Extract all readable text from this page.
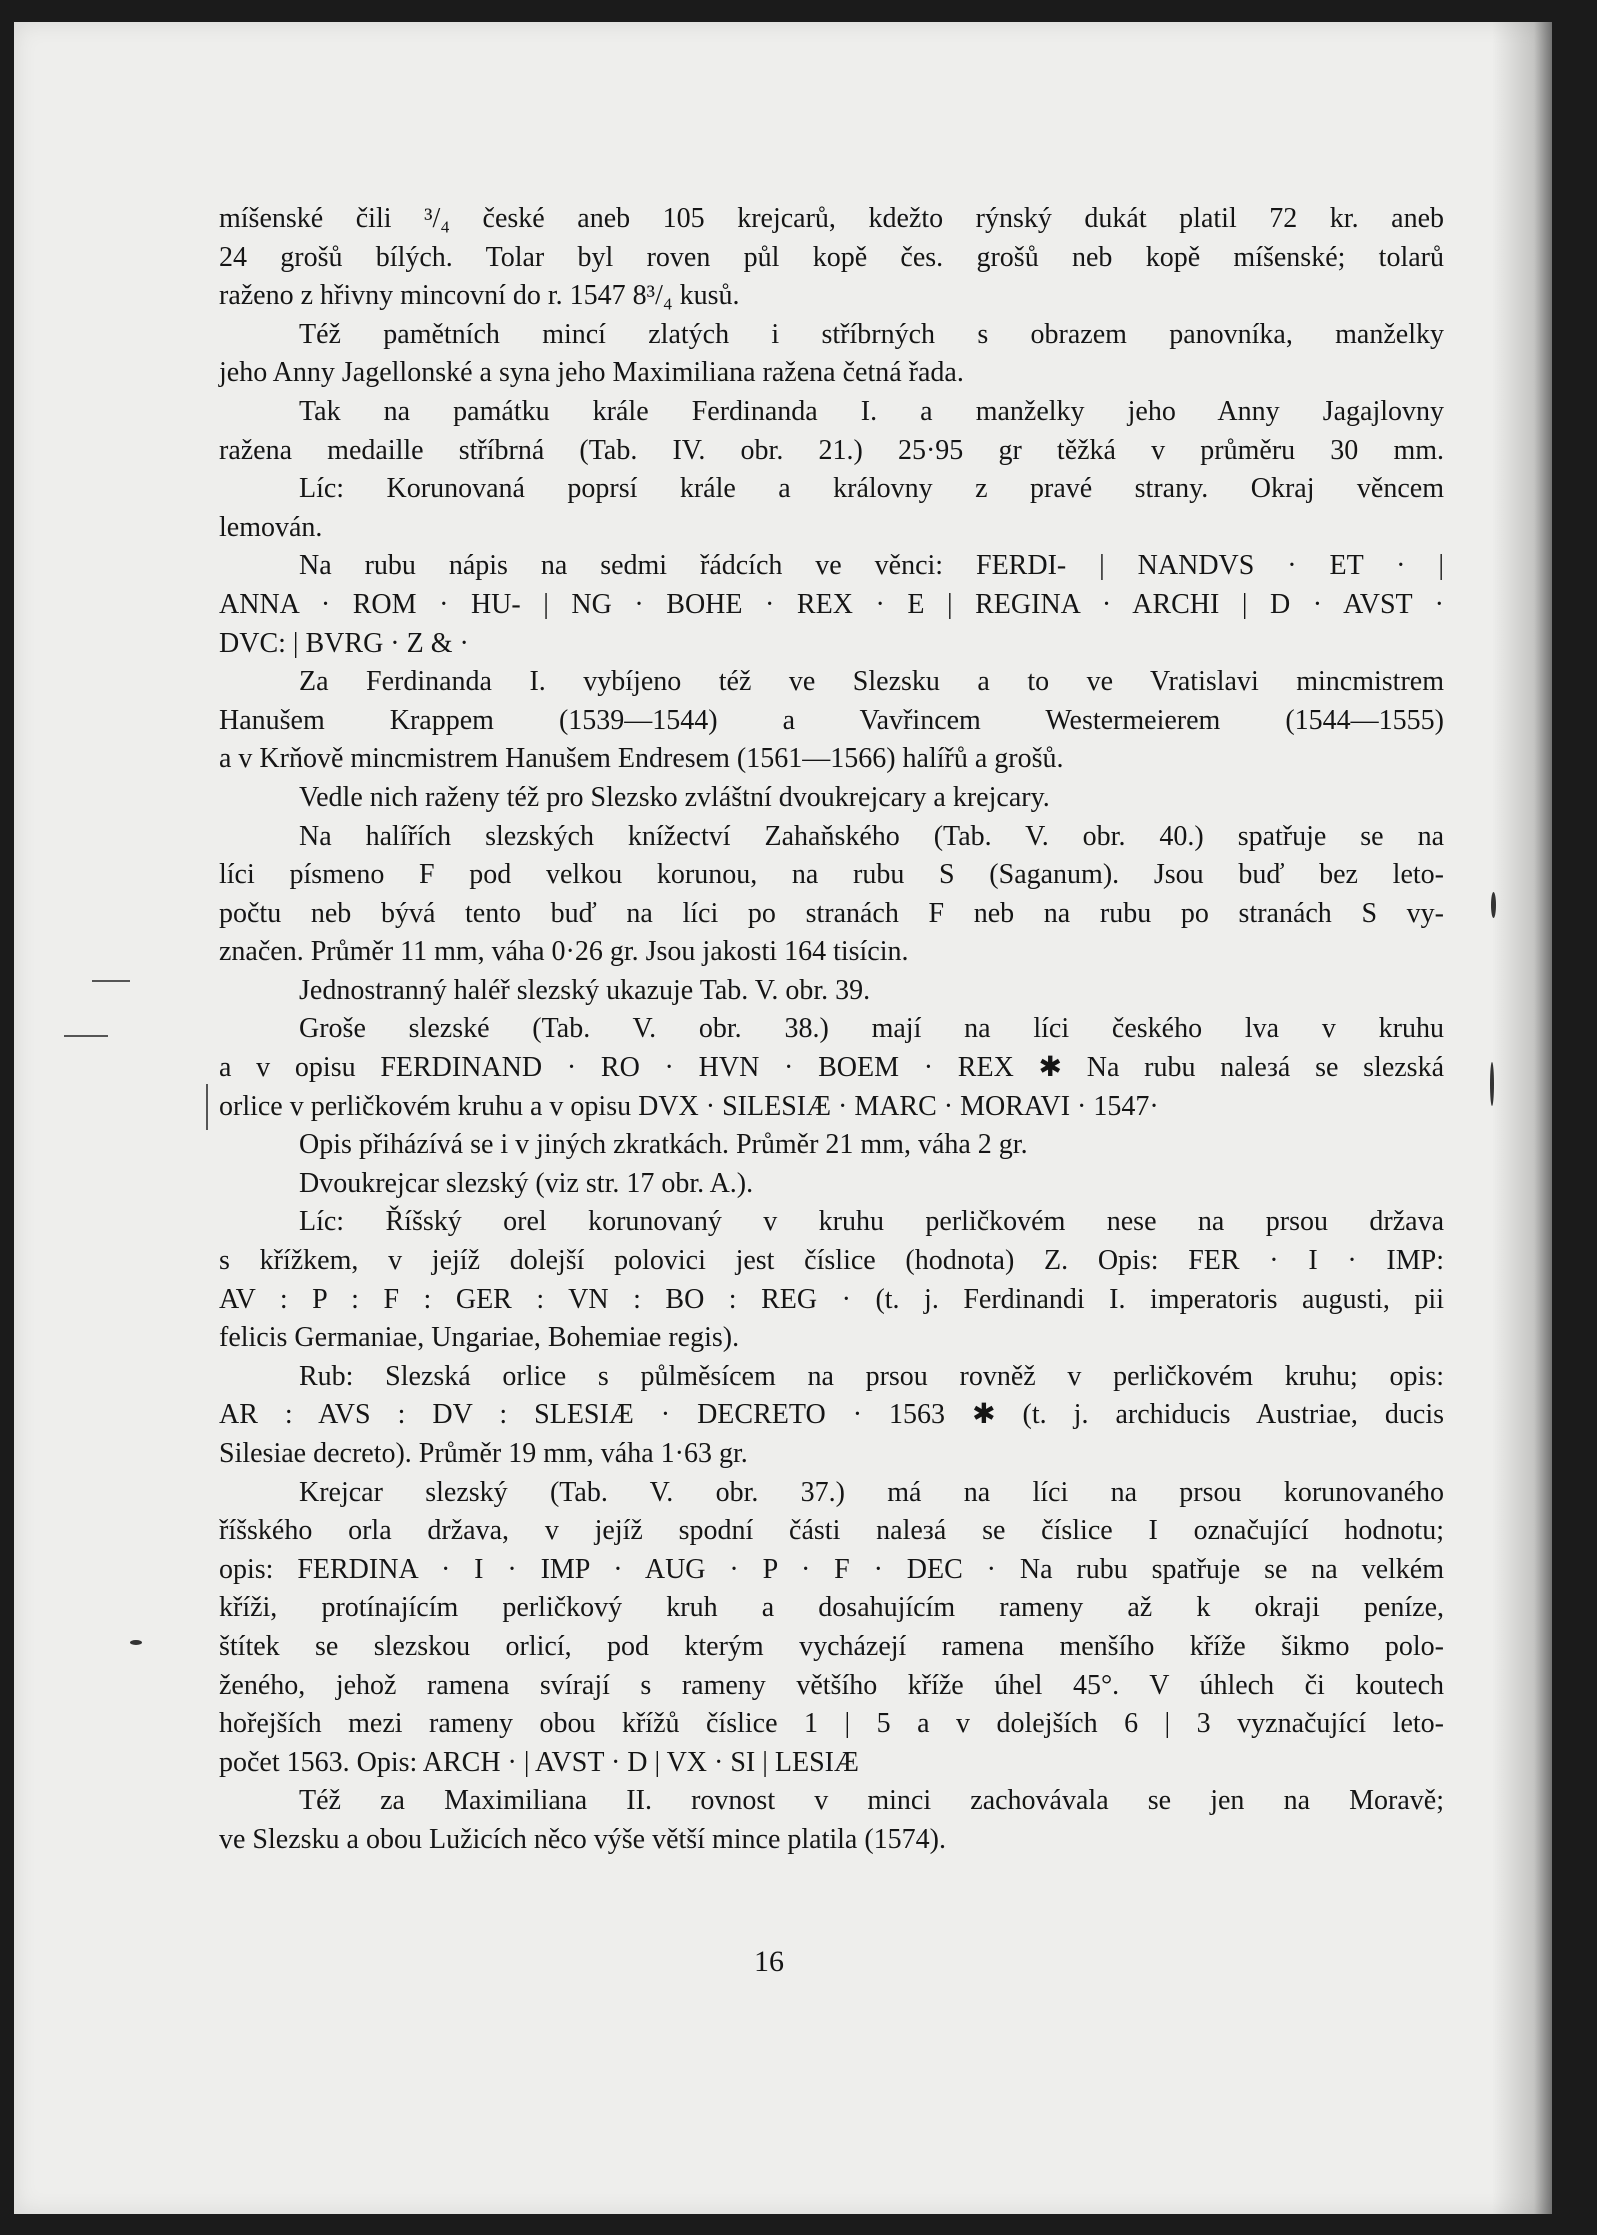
míšenské čili ³/₄ české aneb 105 krejcarů, kdežto rýnský dukát platil 72 kr. aneb

24 grošů bílých. Tolar byl roven půl kopě čes. grošů neb kopě míšenské; tolarů

raženo z hřivny mincovní do r. 1547 8³/₄ kusů.

Též pamětních mincí zlatých i stříbrných s obrazem panovníka, manželky

jeho Anny Jagellonské a syna jeho Maximiliana ražena četná řada.

Tak na památku krále Ferdinanda I. a manželky jeho Anny Jagajlovny

ražena medaille stříbrná (Tab. IV. obr. 21.) 25·95 gr těžká v průměru 30 mm.

Líc: Korunovaná poprsí krále a královny z pravé strany. Okraj věncem

lemován.

Na rubu nápis na sedmi řádcích ve věnci: FERDI- | NANDVS · ET · |

ANNA · ROM · HU- | NG · BOHE · REX · E | REGINA · ARCHI | D · AVST ·

DVC: | BVRG · Z & ·

Za Ferdinanda I. vybíjeno též ve Slezsku a to ve Vratislavi mincmistrem

Hanušem Krappem (1539—1544) a Vavřincem Westermeierem (1544—1555)

a v Krňově mincmistrem Hanušem Endresem (1561—1566) halířů a grošů.

Vedle nich raženy též pro Slezsko zvláštní dvoukrejcary a krejcary.

Na halířích slezských knížectví Zahaňského (Tab. V. obr. 40.) spatřuje se na

líci písmeno F pod velkou korunou, na rubu S (Saganum). Jsou buď bez leto-

počtu neb bývá tento buď na líci po stranách F neb na rubu po stranách S vy-

značen. Průměr 11 mm, váha 0·26 gr. Jsou jakosti 164 tisícin.

Jednostranný haléř slezský ukazuje Tab. V. obr. 39.

Groše slezské (Tab. V. obr. 38.) mají na líci českého lva v kruhu

a v opisu FERDINAND · RO · HVN · BOEM · REX ✱ Na rubu naleзá se slezská

orlice v perličkovém kruhu a v opisu DVX · SILESIÆ · MARC · MORAVI · 1547·

Opis přiházívá se i v jiných zkratkách. Průměr 21 mm, váha 2 gr.

Dvoukrejcar slezský (viz str. 17 obr. A.).

Líc: Říšský orel korunovaný v kruhu perličkovém nese na prsou država

s křížkem, v jejíž dolejší polovici jest číslice (hodnota) Z. Opis: FER · I · IMP:

AV : P : F : GER : VN : BO : REG · (t. j. Ferdinandi I. imperatoris augusti, pii

felicis Germaniae, Ungariae, Bohemiae regis).

Rub: Slezská orlice s půlměsícem na prsou rovněž v perličkovém kruhu; opis:

AR : AVS : DV : SLESIÆ · DECRETO · 1563 ✱ (t. j. archiducis Austriae, ducis

Silesiae decreto). Průměr 19 mm, váha 1·63 gr.

Krejcar slezský (Tab. V. obr. 37.) má na líci na prsou korunovaného

říšského orla država, v jejíž spodní části naleзá se číslice I označující hodnotu;

opis: FERDINA · I · IMP · AUG · P · F · DEC · Na rubu spatřuje se na velkém

kříži, protínajícím perličkový kruh a dosahujícím rameny až k okraji peníze,

štítek se slezskou orlicí, pod kterým vycházejí ramena menšího kříže šikmo polo-

ženého, jehož ramena svírají s rameny většího kříže úhel 45°. V úhlech či koutech

hořejších mezi rameny obou křížů číslice 1 | 5 a v dolejších 6 | 3 vyznačující leto-

počet 1563. Opis: ARCH · | AVST · D | VX · SI | LESIÆ

Též za Maximiliana II. rovnost v minci zachovávala se jen na Moravě;

ve Slezsku a obou Lužicích něco výše větší mince platila (1574).

16
